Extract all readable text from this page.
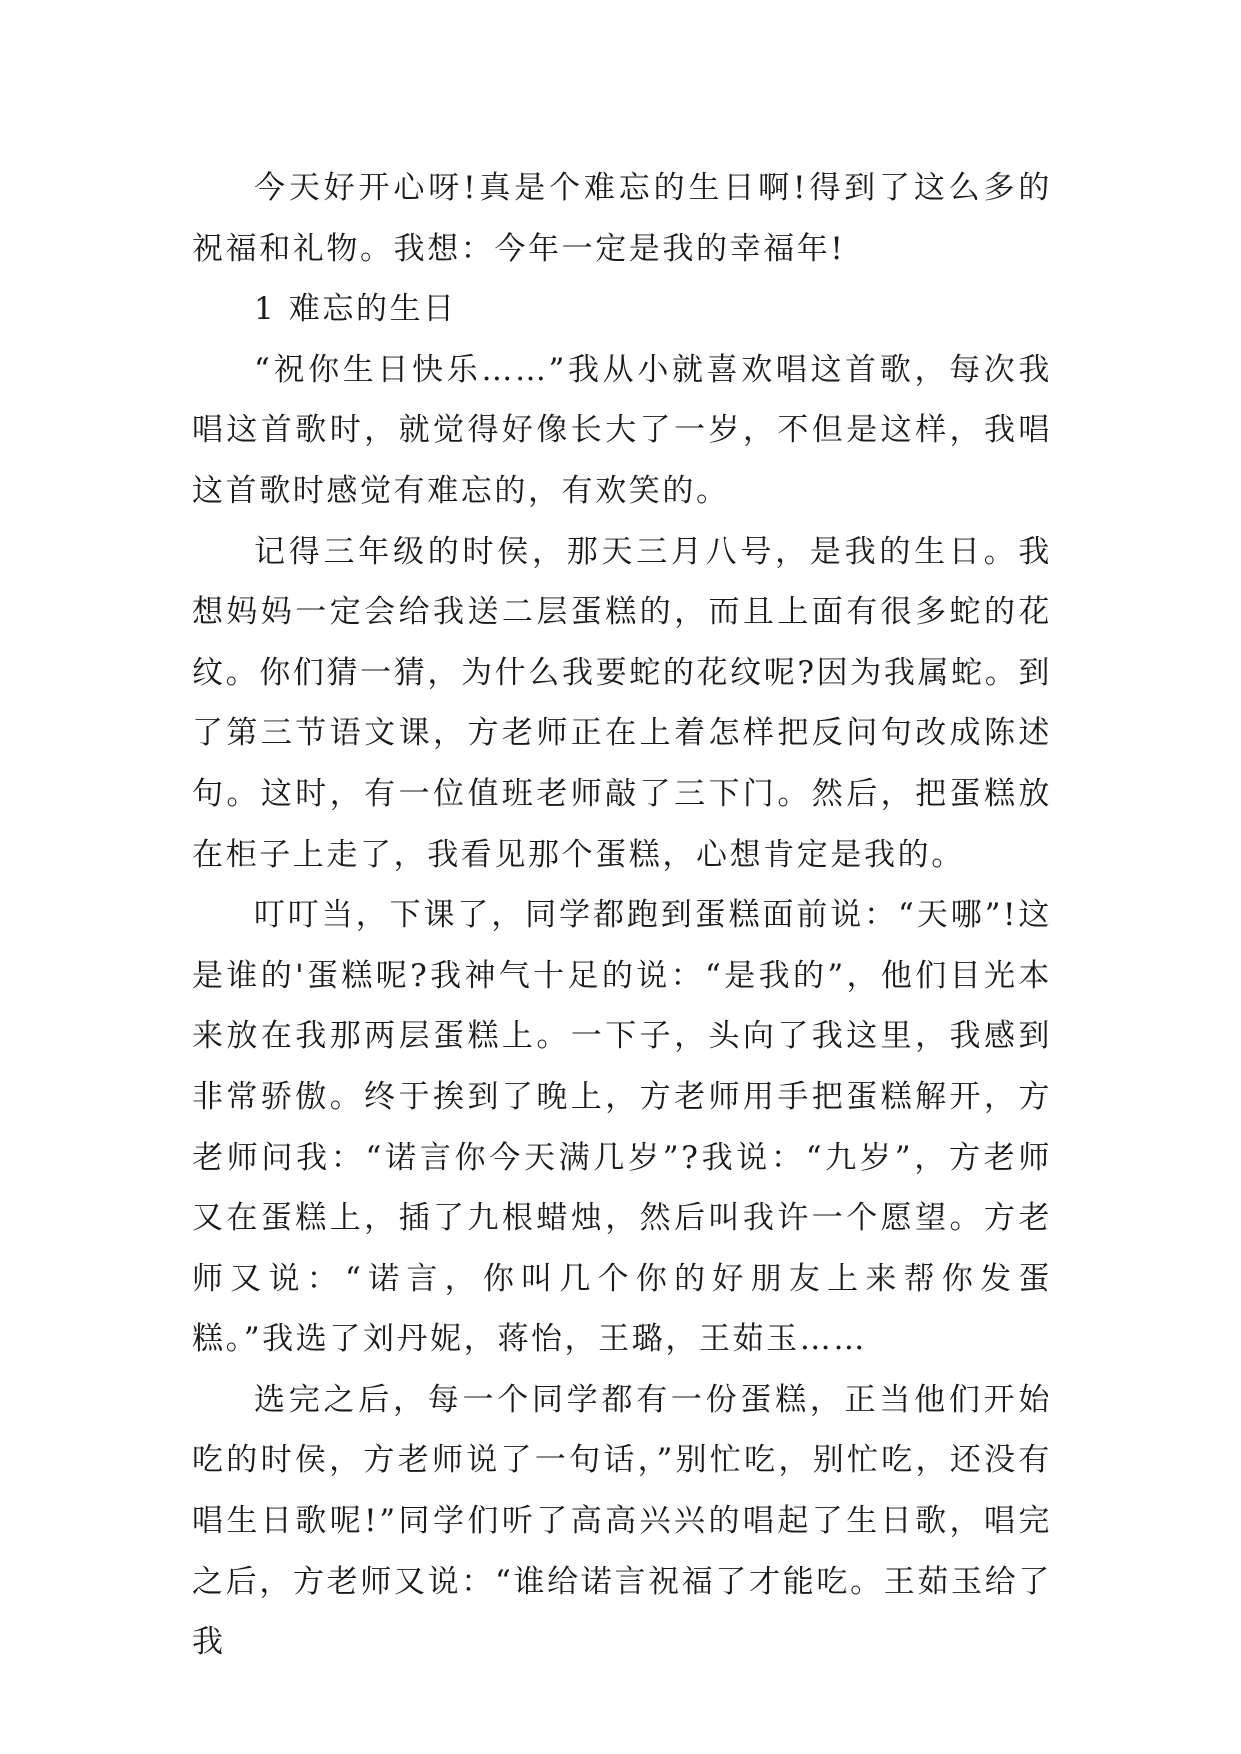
今天好开心呀!真是个难忘的生日啊!得到了这么多的祝福和礼物。我想：今年一定是我的幸福年!

1 难忘的生日

“祝你生日快乐……”我从小就喜欢唱这首歌，每次我唱这首歌时，就觉得好像长大了一岁，不但是这样，我唱这首歌时感觉有难忘的，有欢笑的。

记得三年级的时侯，那天三月八号，是我的生日。我想妈妈一定会给我送二层蛋糕的，而且上面有很多蛇的花纹。你们猜一猜，为什么我要蛇的花纹呢?因为我属蛇。到了第三节语文课，方老师正在上着怎样把反问句改成陈述句。这时，有一位值班老师敲了三下门。然后，把蛋糕放在柜子上走了，我看见那个蛋糕，心想肯定是我的。

叮叮当，下课了，同学都跑到蛋糕面前说：“天哪”!这是谁的'蛋糕呢?我神气十足的说：“是我的”，他们目光本来放在我那两层蛋糕上。一下子，头向了我这里，我感到非常骄傲。终于挨到了晚上，方老师用手把蛋糕解开，方老师问我：“诺言你今天满几岁”?我说：“九岁”，方老师又在蛋糕上，插了九根蜡烛，然后叫我许一个愿望。方老师又说：“诺言，你叫几个你的好朋友上来帮你发蛋糕。”我选了刘丹妮，蒋怡，王璐，王茹玉……

选完之后，每一个同学都有一份蛋糕，正当他们开始吃的时侯，方老师说了一句话，”别忙吃，别忙吃，还没有唱生日歌呢!”同学们听了高高兴兴的唱起了生日歌，唱完之后，方老师又说：“谁给诺言祝福了才能吃。王茹玉给了我
